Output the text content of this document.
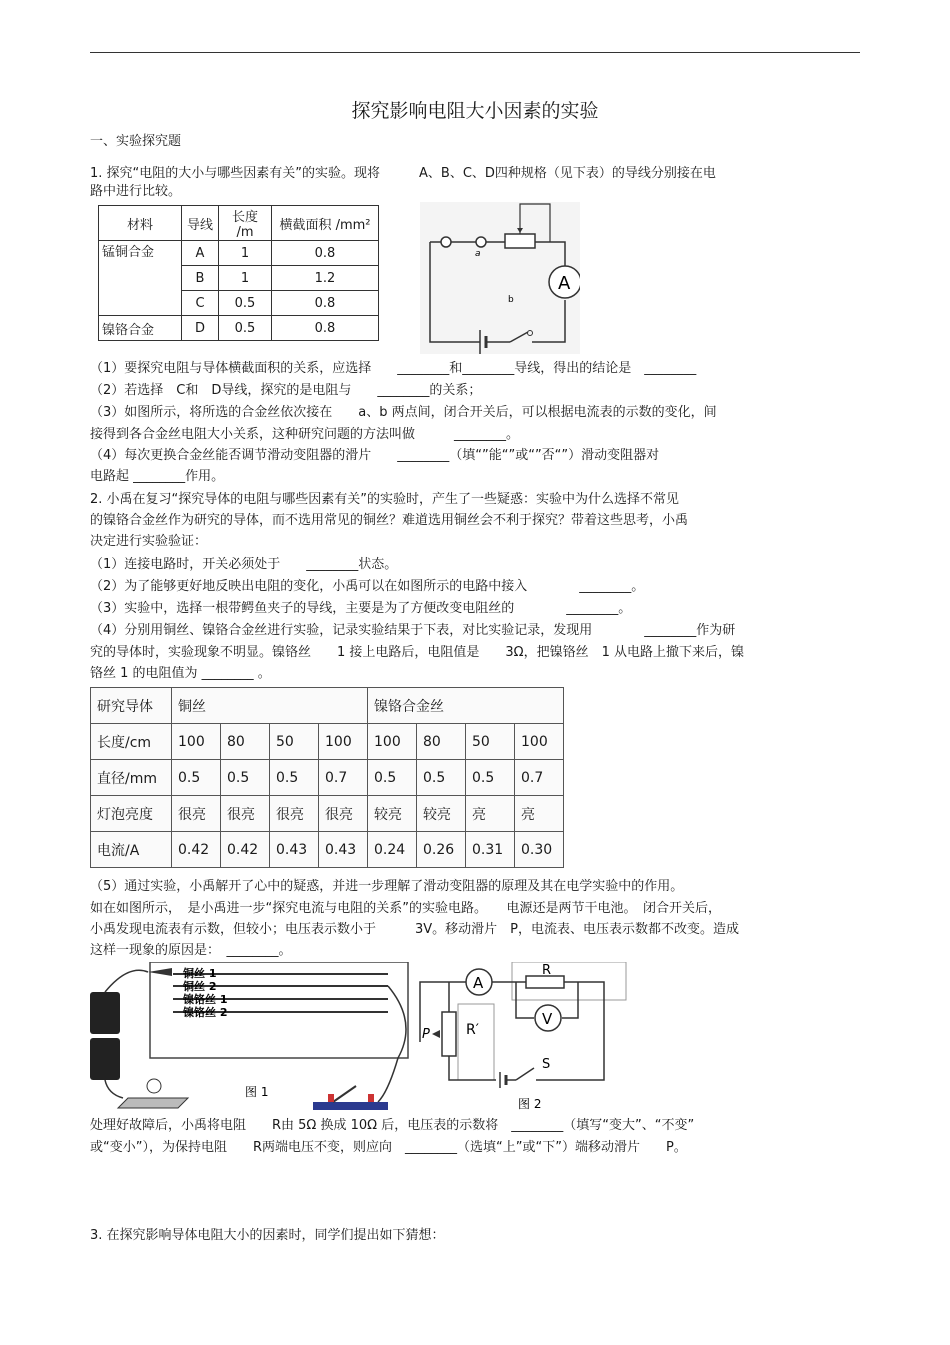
探究影响电阻大小因素的实验
一、实验探究题
1. 探究“电阻的大小与哪些因素有关”的实验。现将　　　A、B、C、D四种规格（见下表）的导线分别接在电
路中进行比较。
材料	导线	长度 /m	横截面积 /mm²
锰铜合金	A	1	0.8
	B	1	1.2
	C	0.5	0.8
镍铬合金	D	0.5	0.8
A
a
b
（1）要探究电阻与导体横截面积的关系，应选择　　________和________导线，得出的结论是　________
（2）若选择　C和　D导线，探究的是电阻与　　________的关系；
（3）如图所示，将所选的合金丝依次接在　　a、b 两点间，闭合开关后，可以根据电流表的示数的变化，间
接得到各合金丝电阻大小关系，这种研究问题的方法叫做　　　________。
（4）每次更换合金丝能否调节滑动变阻器的滑片　　________（填“”能“”或“”否“”）滑动变阻器对
电路起 ________作用。
2. 小禹在复习“探究导体的电阻与哪些因素有关”的实验时，产生了一些疑惑：实验中为什么选择不常见
的镍铬合金丝作为研究的导体，而不选用常见的铜丝？难道选用铜丝会不利于探究？带着这些思考，小禹
决定进行实验验证：
（1）连接电路时，开关必须处于　　________状态。
（2）为了能够更好地反映出电阻的变化，小禹可以在如图所示的电路中接入　　　　________。
（3）实验中，选择一根带鳄鱼夹子的导线，主要是为了方便改变电阻丝的　　　　________。
（4）分别用铜丝、镍铬合金丝进行实验，记录实验结果于下表，对比实验记录，发现用　　　　________作为研
究的导体时，实验现象不明显。镍铬丝　　1 接上电路后，电阻值是　　3Ω，把镍铬丝　1 从电路上撤下来后，镍
铬丝 1 的电阻值为 ________ 。
研究导体	铜丝				镍铬合金丝			
长度/cm	100	80	50	100	100	80	50	100
直径/mm	0.5	0.5	0.5	0.7	0.5	0.5	0.5	0.7
灯泡亮度	很亮	很亮	很亮	很亮	较亮	较亮	亮	亮
电流/A	0.42	0.42	0.43	0.43	0.24	0.26	0.31	0.30
（5）通过实验，小禹解开了心中的疑惑，并进一步理解了滑动变阻器的原理及其在电学实验中的作用。
如在如图所示，　是小禹进一步“探究电流与电阻的关系”的实验电路。　　电源还是两节干电池。　闭合开关后，
小禹发现电流表有示数，但较小；电压表示数小于　　　3V。移动滑片　P，电流表、电压表示数都不改变。造成
这样一现象的原因是：　________。
铜丝 1
铜丝 2
镍铬丝 1
镍铬丝 2
图 1
A
R
V
R′
P
S
图 2
处理好故障后，小禹将电阻　　R由 5Ω 换成 10Ω 后，电压表的示数将　________（填写“变大”、“不变”
或“变小”），为保持电阻　　R两端电压不变，则应向　________（选填“上”或“下”）端移动滑片　　P。
3. 在探究影响导体电阻大小的因素时，同学们提出如下猜想：
